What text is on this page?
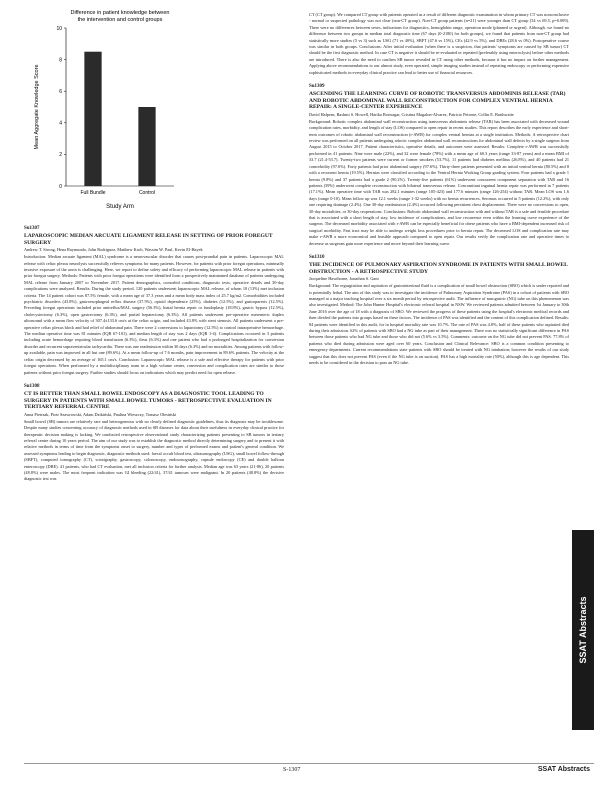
Difference in patient knowledge between
the intervention and control groups
0
2
4
6
8
10
Full Bundle	Control
Study Arm
Mean Aggregate Knowledge Score
Su1307
LAPAROSCOPIC MEDIAN ARCUATE LIGAMENT RELEASE IN SETTING OF PRIOR FOREGUT SURGERY
Andrew T. Strong, Hena Raymundo, John Rodriguez, Matthew Kroh, Wassim W. Paul, Kevin El-Hayek

Introduction: Median arcuate ligament (MAL) syndrome is a neurovascular disorder that causes post-prandial pain in patients. Laparoscopic MAL release with celiac plexus neurolysis successfully relieves symptoms for many patients. However, for patients with prior foregut operations, minimally invasive exposure of the aorta is challenging. Here, we report to define safety and efficacy of performing laparoscopic MAL release in patients with prior foregut surgery. Methods: Patients with prior foregut operations were identified from a prospectively maintained database of patients undergoing MAL release from January 2007 to November 2017. Patient demographics, comorbid conditions, diagnostic tests, operative details and 30-day complications were analyzed. Results: During the study period, 120 patients underwent laparoscopic MAL release, of whom 10 (13%) met inclusion criteria. The 14 patient cohort was 87.5% female, with a mean age of 37.3 years and a mean body mass index of 25.7 kg/m2. Comorbidities included psychiatric disorders (43.8%), gastroesophageal reflux disease (37.5%), opioid dependence (25%), diabetes (12.5%), and gastroparesis (12.5%). Preceding foregut operations included prior antireflux/MAL surgery (56.3%), hiatal hernia repair or fundoplasty (18.8%), gastric bypass (12.5%), cholecystectomy (6.3%), open gastrectomy (6.3%), and partial hepatectomy (6.3%). All patients underwent pre-operative mesenteric duplex ultrasound with a mean flow velocity of 307.4±133.6 cm/s at the celiac origin, and included 43.8% with stent stenosis. All patients underwent a pre-operative celiac plexus block and had relief of abdominal pain. There were 2 conversions to laparotomy (12.5%) to control intraoperative hemorrhage. The median operative time was 81 minutes (IQR 67-101), and median length of stay was 2 days (IQR 1-4). Complications occurred in 3 patients including acute hemorrhage requiring blood transfusion (6.3%), ileus (6.3%) and one patient who had a prolonged hospitalization for conversion disorder and recurrent supraventricular tachycardia. There was one readmission within 30 days (6.3%) and no mortalities. Among patients with follow-up available, pain was improved in all but one (89.6%). At a mean follow-up of 7.6 months, pain improvement in 89.6% patients. The velocity at the celiac origin decreased by an average of 165.1 cm/s. Conclusion: Laparoscopic MAL release is a safe and effective therapy for patients with prior foregut operations. When performed by a multidisciplinary team in a high volume center, conversion and complication rates are similar to those patients without prior foregut surgery. Further studies should focus on indications which may predict need for open release.

Su1308
CT IS BETTER THAN SMALL BOWEL ENDOSCOPY AS A DIAGNOSTIC TOOL LEADING TO SURGERY IN PATIENTS WITH SMALL BOWEL TUMORS - RETROSPECTIVE EVALUATION IN TERTIARY REFERRAL CENTRE
Anna Pietrzak, Piotr Szawrowski, Adam Dzikiński, Paulina Wieszczy, Tomasz Olesiński

Small bowel (SB) tumors are relatively rare and heterogeneous with no clearly defined diagnostic guidelines, thus its diagnosis may be troublesome. Despite many studies concerning accuracy of diagnostic methods used in SB diseases for data about their usefulness in everyday clinical practice for therapeutic decision making is lacking. We conducted retrospective observational study characterizing patients presenting to SB tumors in tertiary referral centre during 10 years period. The aim of our study was to establish the diagnostic method directly determining surgery and to present it with relative methods in terms of time from the symptoms onset to surgery, number and types of performed exams and patient's general condition. We assessed symptoms leading to begin diagnostic, diagnostic methods used: faecal occult blood test, ultrasonography (USG), small bowel follow-through (SBFT), computed tomography (CT), scintigraphy, gastroscopy, colonoscopy, endosonography, capsule endoscopy (CE) and double balloon enteroscopy (DBE). 41 patients, who had CT evaluation, met all inclusion criteria for further analysis. Median age was 63 years (21-86), 20 patients (48.8%) were males. The most frequent indication was GI bleeding (22/41), 37/41 tumours were malignant. In 20 patients (48.8%) the decisive diagnostic test was

CT (CT group). We compared CT group with patients operated as a result of different diagnostic examination in whom primary CT was nonconclusive - normal or suspected pathology was not clear (non-CT group). Non-CT group patients (n=21) were younger than CT group (54 vs 69.5, p=0.009). There were no differences between sexes, indications for diagnostics, hemoglobin range, operation mode (planned or urgent). Although, we found no difference between two groups in median total diagnostic time (67 days (0-2180) for both groups), we found that patients from non-CT group had statistically more studies (5 vs 3) such as USG (71 vs 40%), SBFT (47.6 vs 15%), CEs (42.9 vs 5%), and DBEs (28.6 vs 0%). Postoperative course was similar in both groups. Conclusions: After initial evaluation (when there is a suspicion, that patients' symptoms are caused by SB tumor) CT should be the first diagnostic method. In case CT is negative it should be re-evaluated or repeated (preferably using enteroclysis) before other methods are introduced. There is also the need to confirm SB tumor revealed in CT using other methods, because it has no impact on further management. Applying above recommendations to our almost study, even operated, simple imaging studies instead of repeating endoscopy or performing expensive sophisticated methods in everyday clinical practice can lead to better use of financial resources.

Su1309
ASCENDING THE LEARNING CURVE OF ROBOTIC TRANSVERSUS ABDOMINIS RELEASE (TAR) AND ROBOTIC ABDOMINAL WALL RECONSTRUCTION FOR COMPLEX VENTRAL HERNIA REPAIR: A SINGLE-CENTER EXPERIENCE
David Halpern, Rashmi S. Howell, Harika Borisagar, Cristina Magalon-Alvarez, Patricio Petrone, Collin E. Brathwaite

Background: Robotic complex abdominal wall reconstruction using transversus abdominis release (TAR) has been associated with decreased wound complication rates, morbidity, and length of stay (LOS) compared to open repair in recent studies. This report describes the early experience and short-term outcomes of robotic abdominal wall reconstruction (r-AWR) for complex ventral hernias at a single institution. Methods: A retrospective chart review was performed on all patients undergoing robotic complex abdominal wall reconstructions for abdominal wall defects by a single surgeon from August 2015 to October 2017. Patient characteristics, operative details, and outcomes were assessed. Results: Complete r-AWR was successfully performed in 41 patients. Nine were male (22%), and 32 were female (78%) with a mean age of 60.3 years (range 33-87 years) and a mean BMI of 33.7 (21.4-53.7). Twenty-two patients were current or former smokers (53.7%), 11 patients had diabetes mellitus (26.8%), and 40 patients had 21 comorbidity (97.6%). Forty patients had prior abdominal surgery (97.6%). Thirty-three patients presented with an initial ventral hernia (80.5%) and 8 with a recurrent hernia (19.5%). Hernias were classified according to the Ventral Hernia Working Group grading system. Four patients had a grade 1 hernia (9.8%) and 37 patients had a grade 2 (90.2%). Twenty-five patients (61%) underwent concurrent component separation with TAR and 16 patients (39%) underwent complete reconstruction with bilateral transversus release. Concomitant inguinal hernia repair was performed in 7 patients (17.1%). Mean operative time with TAR was 282.1 minutes (range 105-423) and 177.6 minutes (range 126-254) without TAR. Mean LOS was 1.6 days (range 0-10). Mean follow up was 12.1 weeks (range 1-32 weeks) with no hernia recurrences. Seromas occurred in 5 patients (12.2%), with only one requiring drainage (2.4%). One 30-day readmission (2.4%) occurred following persistent chest displacement. There were no conversions to open, 30-day mortalities, or 30-day reoperations. Conclusions: Robotic abdominal wall reconstruction with and without TAR is a safe and feasible procedure that is associated with a short length of stay, low incidence of complications, and low recurrence even within the learning curve experience of the surgeon. The decreased morbidity associated with r-AWR can be especially beneficial for obese patients who have a BMI-dependent increased risk of surgical morbidity. Fast tract may be able to undergo weight loss procedures prior to hernia repair. The decreased LOS and complication rate may make r-AWR a more economical and feasible approach compared to open repair. Our results verify the complication rate and operative times to decrease as surgeons gain more experience and move beyond their learning curve.

Su1310
THE INCIDENCE OF PULMONARY ASPIRATION SYNDROME IN PATIENTS WITH SMALL BOWEL OBSTRUCTION - A RETROSPECTIVE STUDY
Jacqueline Hawthorne, Jonathan S. Gani

Background: The regurgitation and aspiration of gastrointestinal fluid is a complication of small bowel obstruction (SBO) which is under reported and is potentially lethal. The aim of this study was to investigate the incidence of Pulmonary Aspiration Syndrome (PAS) in a cohort of patients with SBO managed at a major teaching hospital over a six month period by retrospective audit. The influence of nasogastric (NG) tube on this phenomenon was also investigated. Method: The John Hunter Hospital's electronic referral hospital in NSW. We reviewed patients admitted between 1st January to 30th June 2016 over the age of 18 with a diagnosis of SBO. We reviewed the progress of these patients using the hospital's electronic medical records and then divided the patients into groups based on these factors. The incidence of PAS was identified and the content of this complication defined. Results: 84 patients were identified in this audit, for in hospital mortality rate was 10.7%. The rate of PAS was 4.8%; half of these patients who aspirated died during their admission. 62% of patients with SBO had a NG tube as part of their management. There was no statistically significant difference in PAS between those patients who had NG tube and those who did not (5.6% vs 3.5%). Comments: outcome on the NG tube did not prevent PAS. 77.8% of patients who died during admission were aged over 60 years. Conclusion and Clinical Relevance: SBO is a common condition presenting to emergency departments. Current recommendations state patients with SBO should be treated with NG intubation; however the results of our study suggest that this does not prevent PAS (even if the NG tube is on suction). PAS has a high mortality rate (50%), although this is age dependent. This needs to be considered in the decision to pass an NG tube.

SSAT Abstracts
S-1307	SSAT Abstracts
